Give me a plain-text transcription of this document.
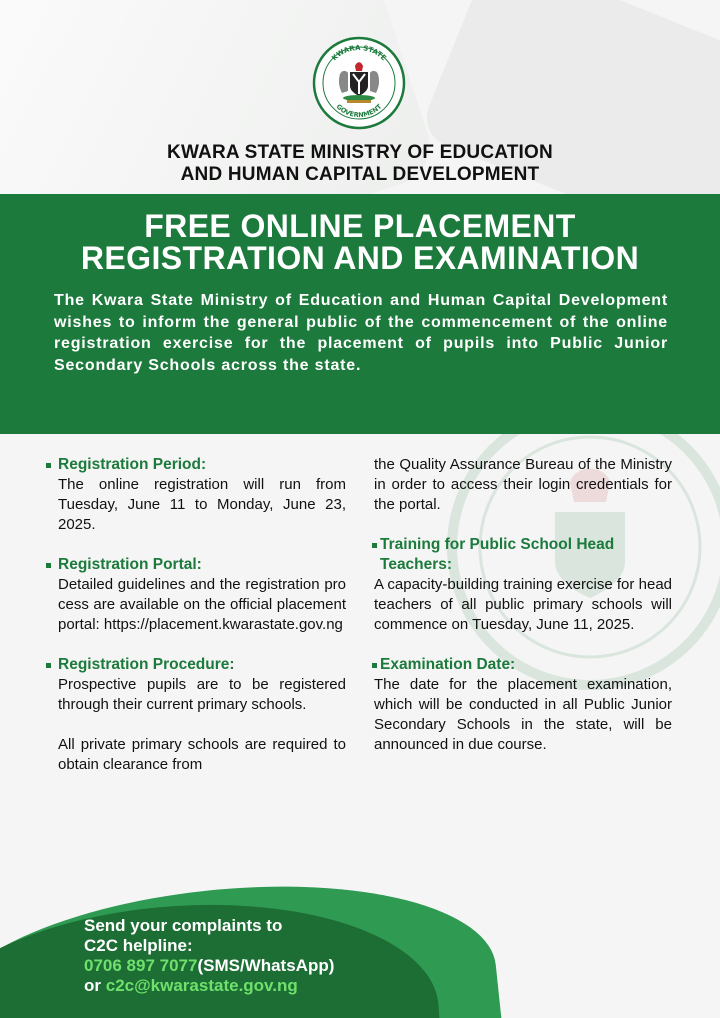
KWARA STATE
GOVERNMENT
KWARA STATE MINISTRY OF EDUCATION
AND HUMAN CAPITAL DEVELOPMENT
FREE ONLINE PLACEMENT
REGISTRATION AND EXAMINATION
The Kwara State Ministry of Education and Human Capital Development wishes to inform the general public of the commencement of the online registration exercise for the placement of pupils into Public Junior Secondary Schools across the state.
Registration Period:
The online registration will run from Tuesday, June 11 to Monday, June 23, 2025.
Registration Portal:
Detailed guidelines and the registration process are available on the official placement portal: https://placement.kwarastate.gov.ng
Registration Procedure:
Prospective pupils are to be registered through their current primary schools.
All private primary schools are required to obtain clearance from
the Quality Assurance Bureau of the Ministry in order to access their login credentials for the portal.
Training for Public School Head Teachers:
A capacity-building training exercise for head teachers of all public primary schools will commence on Tuesday, June 11, 2025.
Examination Date:
The date for the placement examination, which will be conducted in all Public Junior Secondary Schools in the state, will be announced in due course.
Send your complaints to
C2C helpline:
0706 897 7077(SMS/WhatsApp)
or c2c@kwarastate.gov.ng
